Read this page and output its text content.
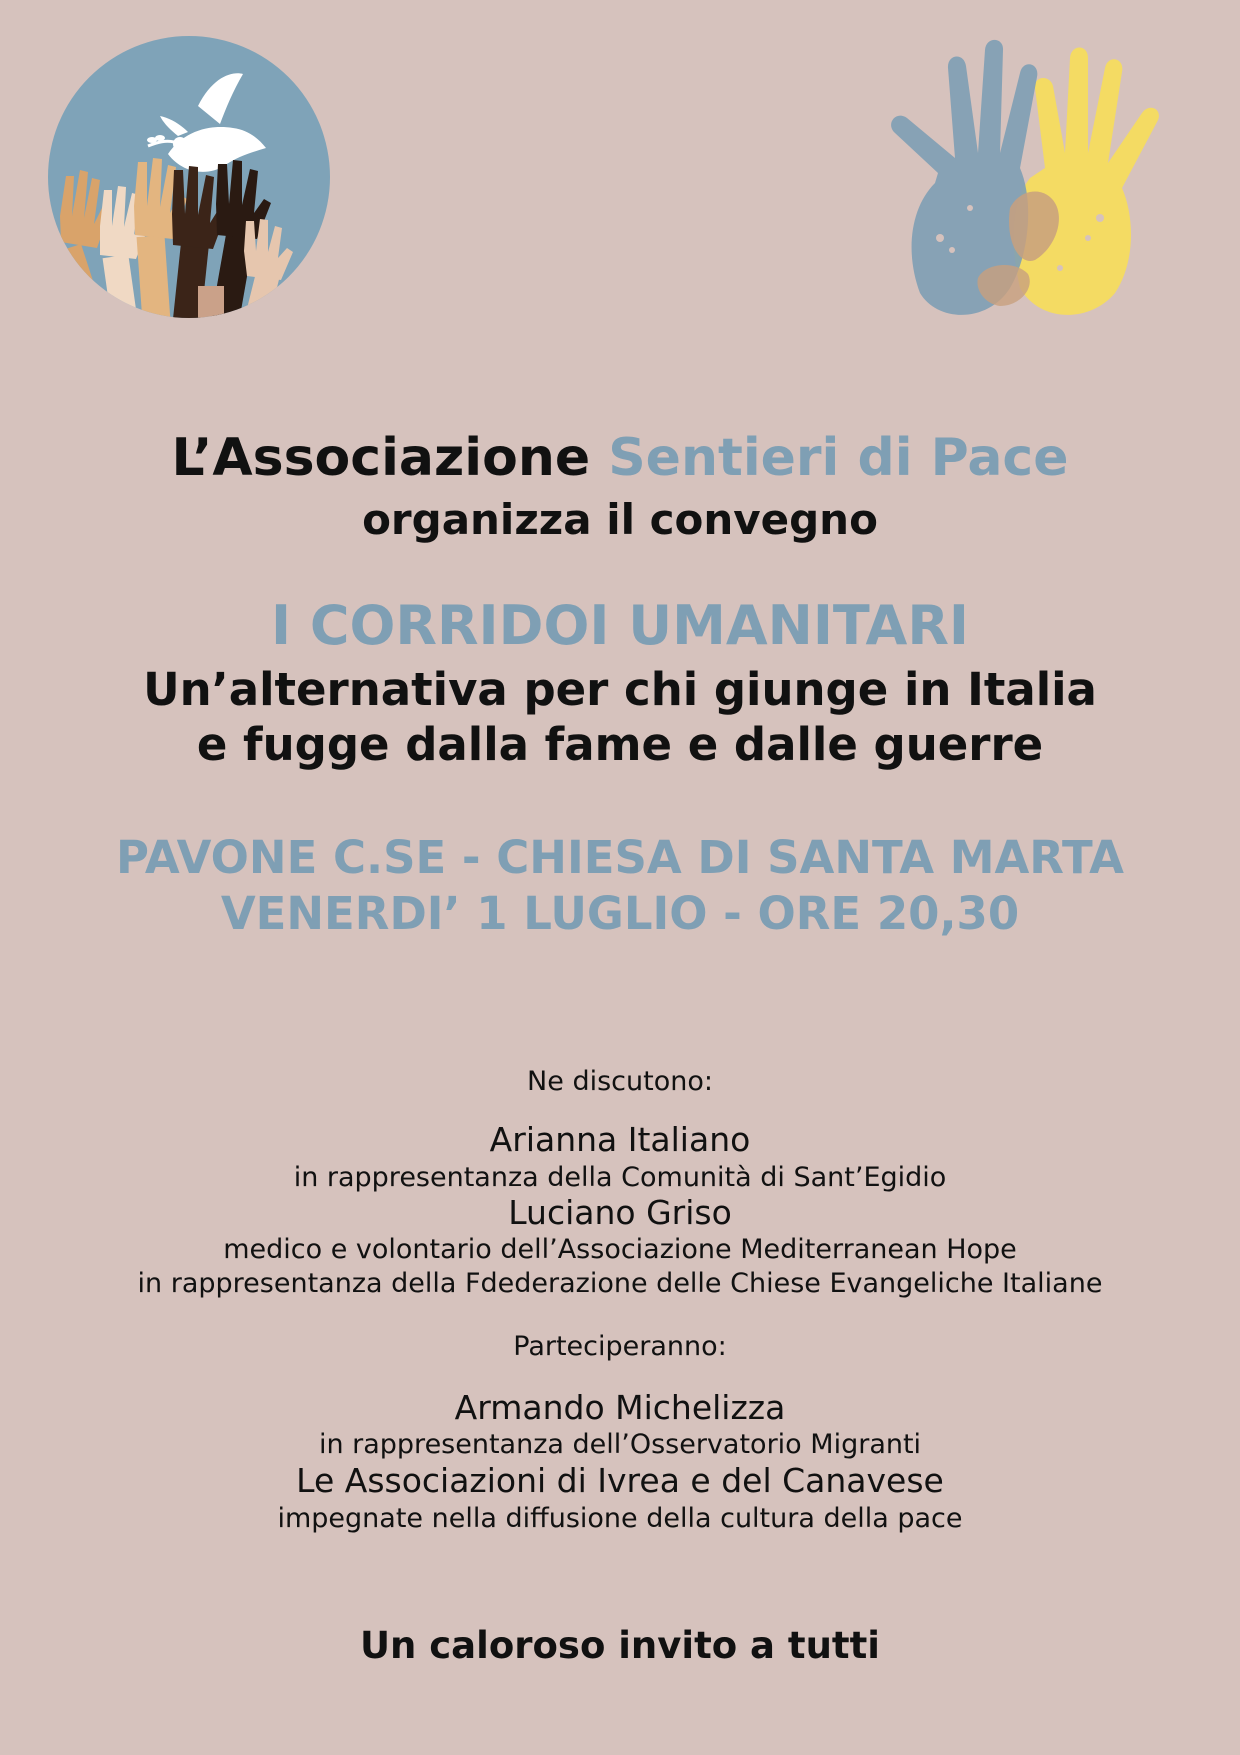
L’Associazione Sentieri di Pace

organizza il convegno

I CORRIDOI UMANITARI

Un’alternativa per chi giunge in Italia

e fugge dalla fame e dalle guerre

PAVONE C.SE - CHIESA DI SANTA MARTA

VENERDI’ 1 LUGLIO - ORE 20,30

Ne discutono:

Arianna Italiano

in rappresentanza della Comunità di Sant’Egidio

Luciano Griso

medico e volontario dell’Associazione Mediterranean Hope

in rappresentanza della Fdederazione delle Chiese Evangeliche Italiane

Parteciperanno:

Armando Michelizza

in rappresentanza dell’Osservatorio Migranti

Le Associazioni di Ivrea e del Canavese

impegnate nella diffusione della cultura della pace

Un caloroso invito a tutti
